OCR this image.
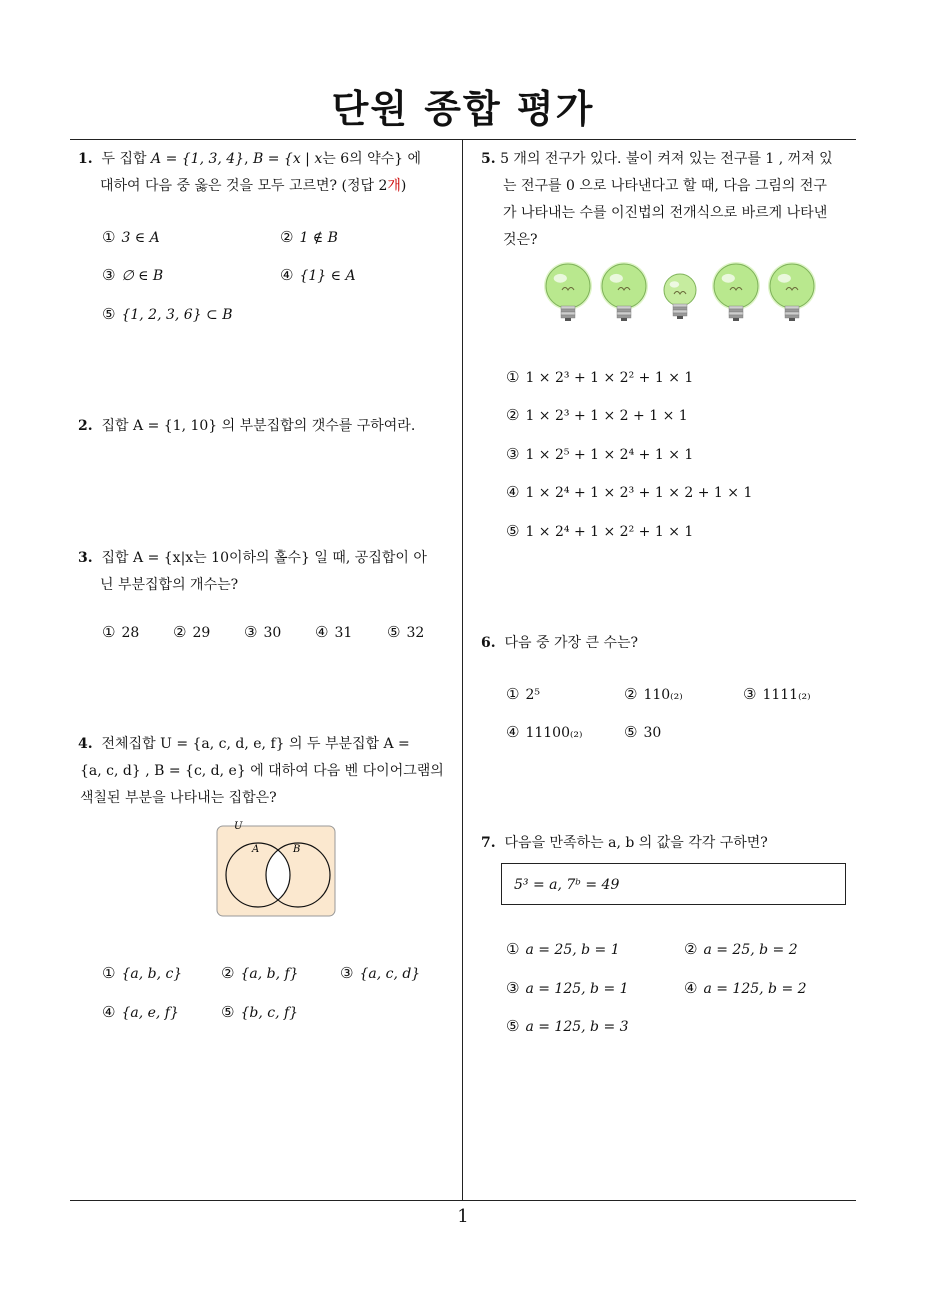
단원 종합 평가
1
1. 두 집합 A = {1, 3, 4}, B = {x | x는 6의 약수} 에
대하여 다음 중 옳은 것을 모두 고르면? (정답 2개)
① 3 ∈ A	② 1 ∉ B
③ ∅ ∈ B	④ {1} ∈ A
⑤ {1, 2, 3, 6} ⊂ B
2. 집합 A = {1, 10} 의 부분집합의 갯수를 구하여라.
3. 집합 A = {x|x는 10이하의 홀수} 일 때, 공집합이 아
닌 부분집합의 개수는?
① 28 ② 29 ③ 30 ④ 31 ⑤ 32
4. 전체집합 U = {a, c, d, e, f} 의 두 부분집합 A =
{a, c, d} , B = {c, d, e} 에 대하여 다음 벤 다이어그램의
색칠된 부분을 나타내는 집합은?
U
A	B
① {a, b, c}	② {a, b, f}	③ {a, c, d}
④ {a, e, f}	⑤ {b, c, f}
5. 5 개의 전구가 있다. 불이 켜져 있는 전구를 1 , 꺼져 있
는 전구를 0 으로 나타낸다고 할 때, 다음 그림의 전구
가 나타내는 수를 이진법의 전개식으로 바르게 나타낸
것은?
① 1 × 2³ + 1 × 2² + 1 × 1
② 1 × 2³ + 1 × 2 + 1 × 1
③ 1 × 2⁵ + 1 × 2⁴ + 1 × 1
④ 1 × 2⁴ + 1 × 2³ + 1 × 2 + 1 × 1
⑤ 1 × 2⁴ + 1 × 2² + 1 × 1
6. 다음 중 가장 큰 수는?
① 2⁵	② 110₍₂₎	③ 1111₍₂₎
④ 11100₍₂₎	⑤ 30
7. 다음을 만족하는 a, b 의 값을 각각 구하면?
5³ = a, 7ᵇ = 49
① a = 25, b = 1	② a = 25, b = 2
③ a = 125, b = 1	④ a = 125, b = 2
⑤ a = 125, b = 3
